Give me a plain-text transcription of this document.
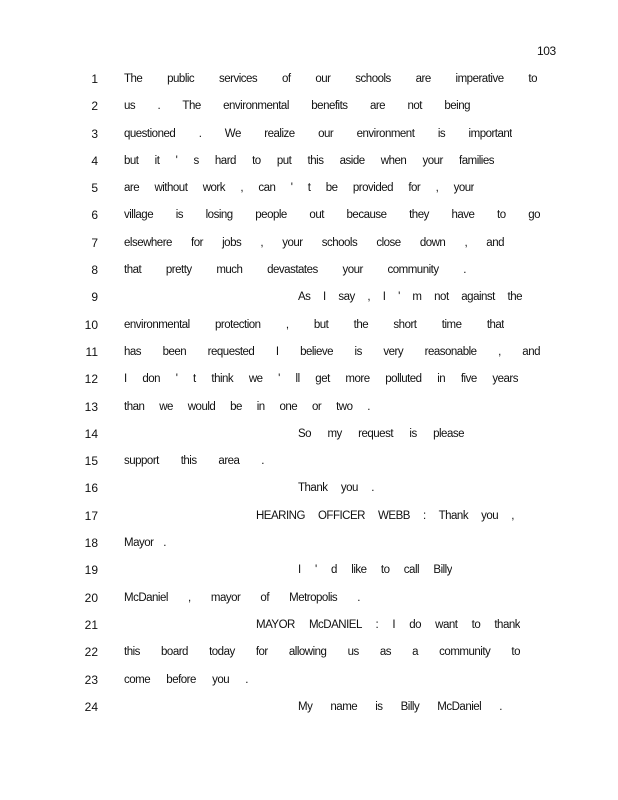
103
1 The public services of our schools are imperative to
2 us . The environmental benefits are not being
3 questioned . We realize our environment is important
4 but it ' s hard to put this aside when your families
5 are without work , can ' t be provided for , your
6 village is losing people out because they have to go
7 elsewhere for jobs , your schools close down , and
8 that pretty much devastates your community .
9	As I say , I ' m not against the
10 environmental protection , but the short time that
11 has been requested I believe is very reasonable , and
12 I don ' t think we ' ll get more polluted in five years
13 than we would be in one or two .
14	So my request is please
15 support this area .
16	Thank you .
17	HEARING OFFICER WEBB : Thank you ,
18 Mayor .
19	I ' d like to call Billy
20 McDaniel , mayor of Metropolis .
21	MAYOR McDANIEL : I do want to thank
22 this board today for allowing us as a community to
23 come before you .
24	My name is Billy McDaniel .
